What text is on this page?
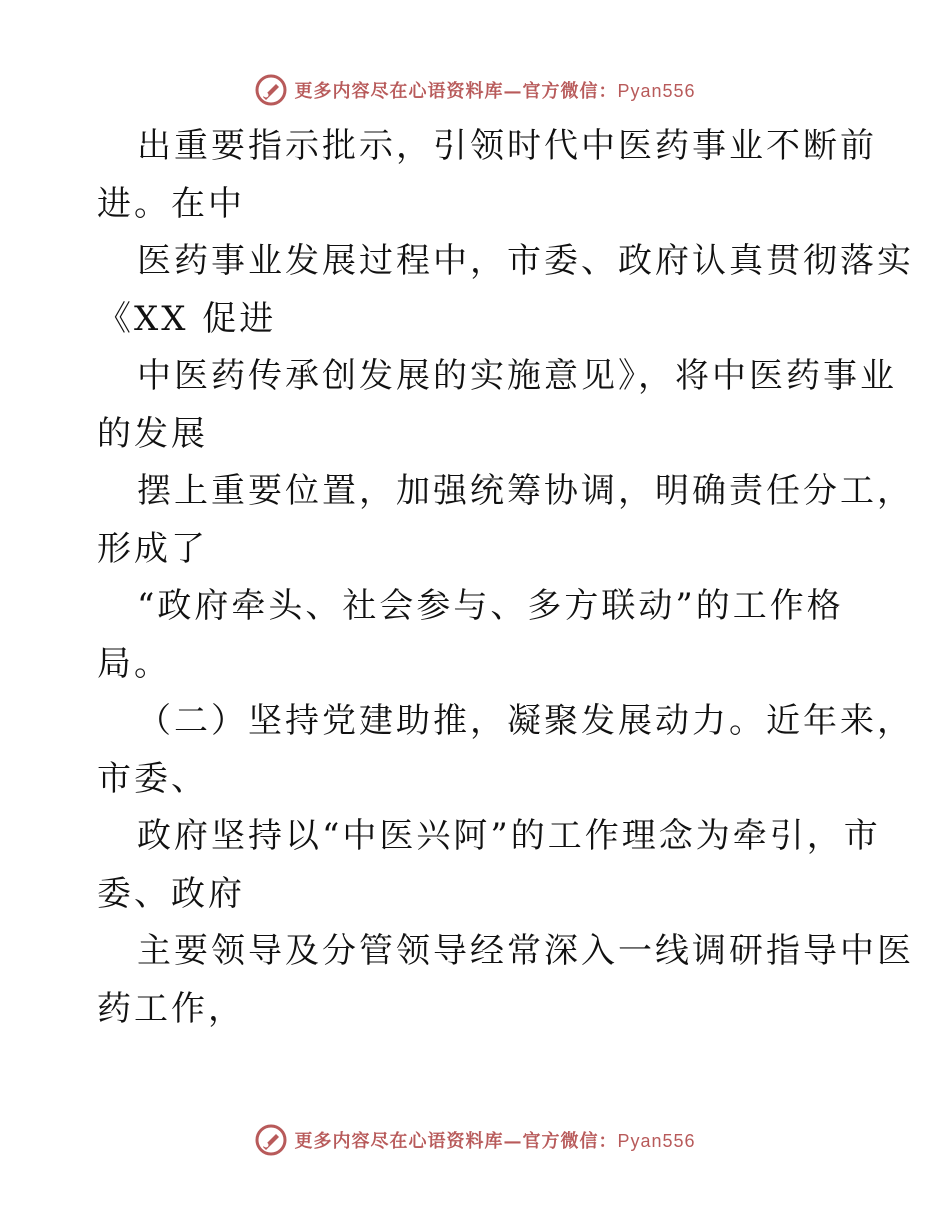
更多内容尽在心语资料库—官方微信：Pyan556
出重要指示批示，引领时代中医药事业不断前
进。在中
医药事业发展过程中，市委、政府认真贯彻落实
《XX 促进
中医药传承创发展的实施意见》，将中医药事业
的发展
摆上重要位置，加强统筹协调，明确责任分工，
形成了
“政府牵头、社会参与、多方联动”的工作格
局。
（二）坚持党建助推，凝聚发展动力。近年来，
市委、
政府坚持以“中医兴阿”的工作理念为牵引，市
委、政府
主要领导及分管领导经常深入一线调研指导中医
药工作，
更多内容尽在心语资料库—官方微信：Pyan556
